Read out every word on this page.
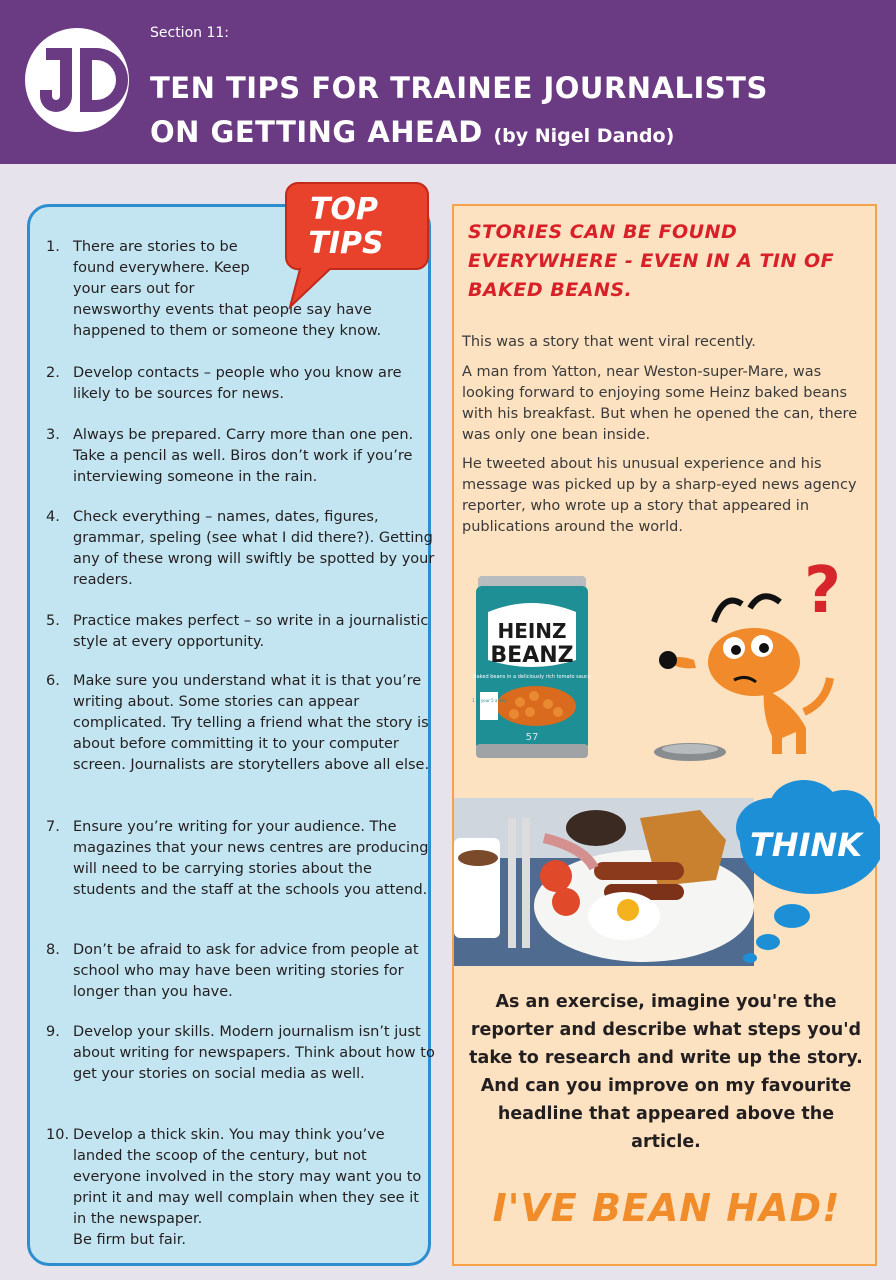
Section 11:
TEN TIPS FOR TRAINEE JOURNALISTS
ON GETTING AHEAD (by Nigel Dando)
1. There are stories to be found everywhere. Keep your ears out for
newsworthy events that people say have happened to them or someone they know.
2. Develop contacts – people who you know are likely to be sources for news.
3. Always be prepared. Carry more than one pen. Take a pencil as well. Biros don’t work if you’re interviewing someone in the rain.
4. Check everything – names, dates, figures, grammar, speling (see what I did there?). Getting any of these wrong will swiftly be spotted by your readers.
5. Practice makes perfect – so write in a journalistic style at every opportunity.
6. Make sure you understand what it is that you’re writing about. Some stories can appear complicated. Try telling a friend what the story is about before committing it to your computer screen. Journalists are storytellers above all else.
7. Ensure you’re writing for your audience. The magazines that your news centres are producing will need to be carrying stories about the students and the staff at the schools you attend.
8. Don’t be afraid to ask for advice from people at school who may have been writing stories for longer than you have.
9. Develop your skills. Modern journalism isn’t just about writing for newspapers. Think about how to get your stories on social media as well.
10. Develop a thick skin. You may think you’ve landed the scoop of the century, but not everyone involved in the story may want you to print it and may well complain when they see it in the newspaper.
Be firm but fair.
TOP
TIPS	STORIES CAN BE FOUND EVERYWHERE - EVEN IN A TIN OF BAKED BEANS.
This was a story that went viral recently.
A man from Yatton, near Weston-super-Mare, was looking forward to enjoying some Heinz baked beans with his breakfast. But when he opened the can, there was only one bean inside.
He tweeted about his unusual experience and his message was picked up by a sharp-eyed news agency reporter, who wrote up a story that appeared in publications around the world.
HEINZ
BEANZ
Baked beans in a deliciously rich tomato sauce
1 of your 5 a day
57
?
THINK
As an exercise, imagine you're the reporter and describe what steps you'd take to research and write up the story. And can you improve on my favourite headline that appeared above the article.
I'VE BEAN HAD!
